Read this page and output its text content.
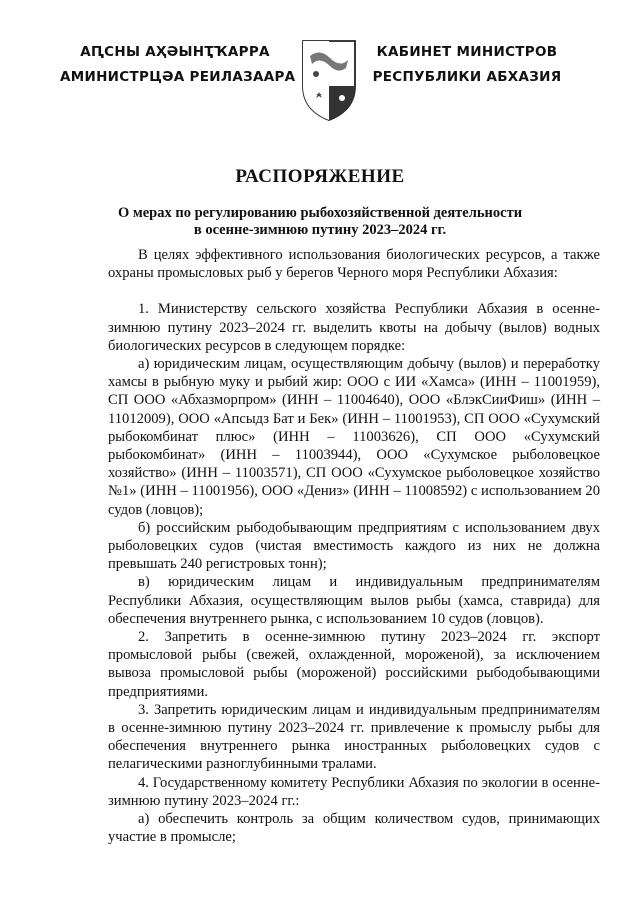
АԤСНЫ АҲӘЫНҬҠАРРА
АМИНИСТРЦӘА РЕИЛАЗААРА
КАБИНЕТ МИНИСТРОВ
РЕСПУБЛИКИ АБХАЗИЯ
РАСПОРЯЖЕНИЕ
О мерах по регулированию рыбохозяйственной деятельности
в осенне-зимнюю путину 2023–2024 гг.

В целях эффективного использования биологических ресурсов, а также охраны промысловых рыб у берегов Черного моря Республики Абхазия:

1. Министерству сельского хозяйства Республики Абхазия в осенне-зимнюю путину 2023–2024 гг. выделить квоты на добычу (вылов) водных биологических ресурсов в следующем порядке:

а) юридическим лицам, осуществляющим добычу (вылов) и переработку хамсы в рыбную муку и рыбий жир: ООО с ИИ «Хамса» (ИНН – 11001959), СП ООО «Абхазморпром» (ИНН – 11004640), ООО «БлэкСииФиш» (ИНН – 11012009), ООО «Апсыдз Бат и Бек» (ИНН – 11001953), СП ООО «Сухумский рыбокомбинат плюс» (ИНН – 11003626), СП ООО «Сухумский рыбокомбинат» (ИНН – 11003944), ООО «Сухумское рыболовецкое хозяйство» (ИНН – 11003571), СП ООО «Сухумское рыболовецкое хозяйство №1» (ИНН – 11001956), ООО «Дениз» (ИНН – 11008592) с использованием 20 судов (ловцов);

б) российским рыбодобывающим предприятиям с использованием двух рыболовецких судов (чистая вместимость каждого из них не должна превышать 240 регистровых тонн);

в) юридическим лицам и индивидуальным предпринимателям Республики Абхазия, осуществляющим вылов рыбы (хамса, ставрида) для обеспечения внутреннего рынка, с использованием 10 судов (ловцов).

2. Запретить в осенне-зимнюю путину 2023–2024 гг. экспорт промысловой рыбы (свежей, охлажденной, мороженой), за исключением вывоза промысловой рыбы (мороженой) российскими рыбодобывающими предприятиями.

3. Запретить юридическим лицам и индивидуальным предпринимателям в осенне-зимнюю путину 2023–2024 гг. привлечение к промыслу рыбы для обеспечения внутреннего рынка иностранных рыболовецких судов с пелагическими разноглубинными тралами.

4. Государственному комитету Республики Абхазия по экологии в осенне-зимнюю путину 2023–2024 гг.:

а) обеспечить контроль за общим количеством судов, принимающих участие в промысле;
